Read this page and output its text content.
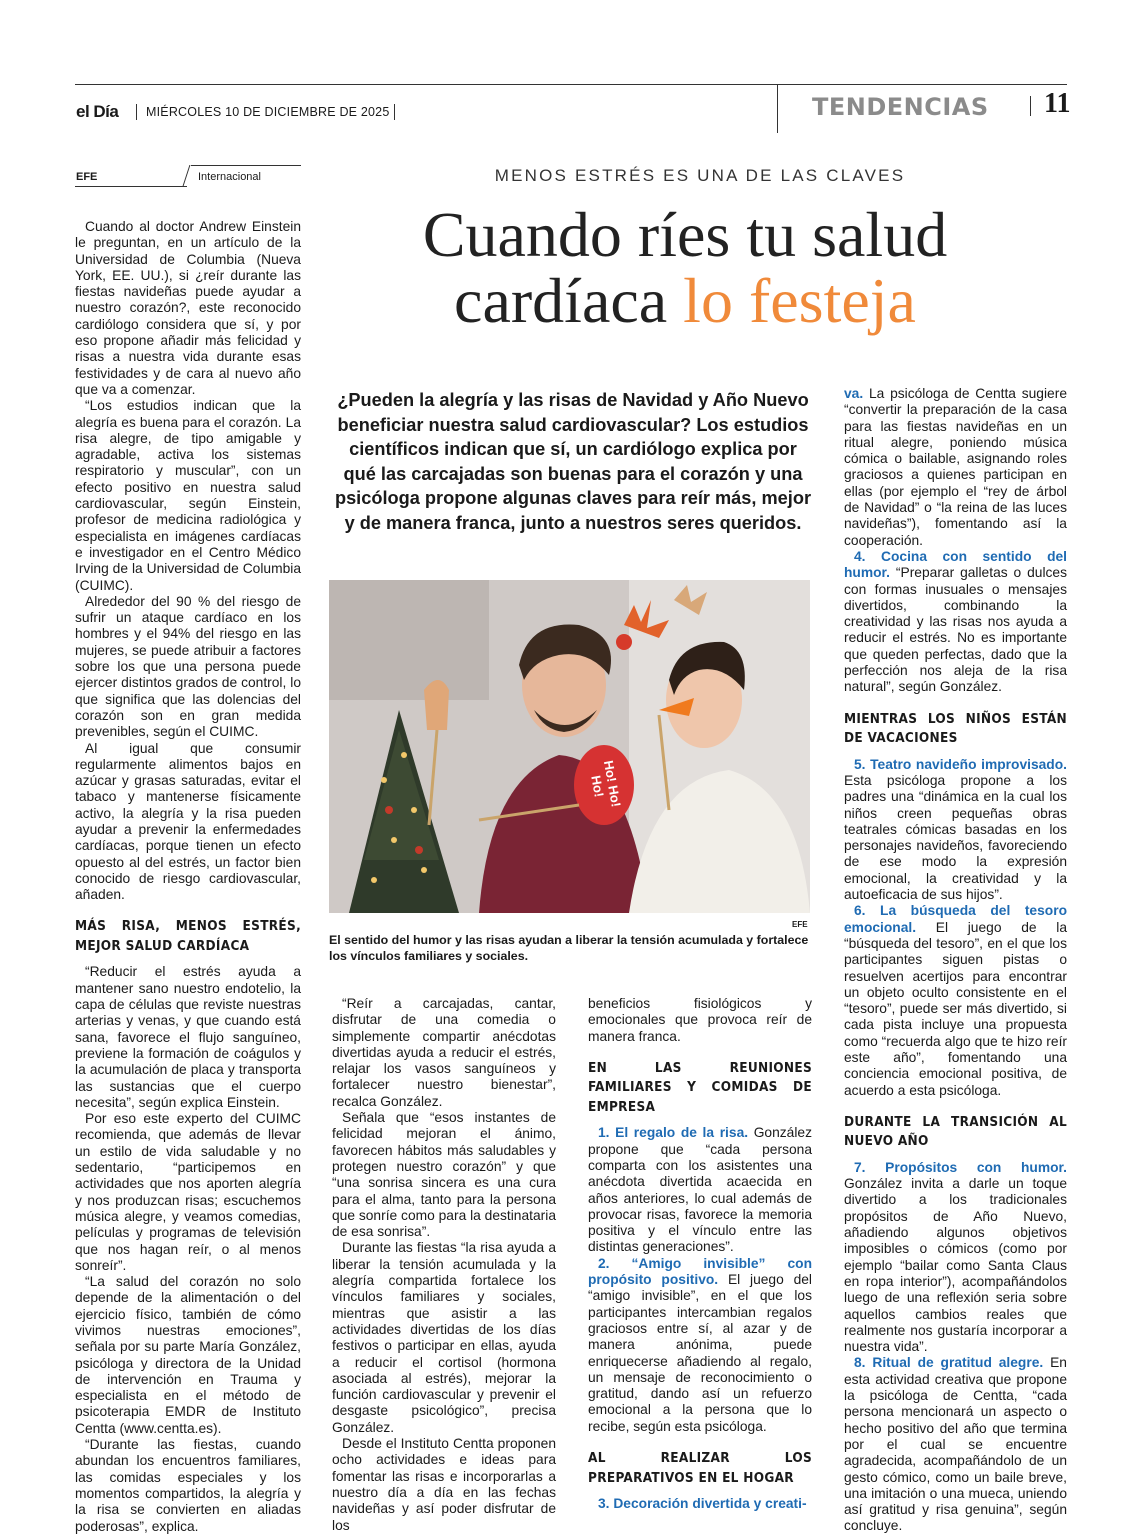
el Día MIÉRCOLES 10 DE DICIEMBRE DE 2025	TENDENCIAS 11
EFE	Internacional	MENOS ESTRÉS ES UNA DE LAS CLAVES
Cuando ríes tu salud
cardíaca lo festeja
¿Pueden la alegría y las risas de Navidad y Año Nuevo beneficiar nuestra salud cardiovascular? Los estudios científicos indican que sí, un cardiólogo explica por qué las carcajadas son buenas para el corazón y una psicóloga propone algunas claves para reír más, mejor y de manera franca, junto a nuestros seres queridos.
Ho! Ho! Ho!
EFE
El sentido del humor y las risas ayudan a liberar la tensión acumulada y fortalece los vínculos familiares y sociales.

Cuando al doctor Andrew Einstein le preguntan, en un artículo de la Universidad de Columbia (Nueva York, EE. UU.), si ¿reír durante las fiestas navideñas puede ayudar a nuestro corazón?, este reconocido cardiólogo considera que sí, y por eso propone añadir más felicidad y risas a nuestra vida durante esas festividades y de cara al nuevo año que va a comenzar.

“Los estudios indican que la alegría es buena para el corazón. La risa alegre, de tipo amigable y agradable, activa los sistemas respiratorio y muscular”, con un efecto positivo en nuestra salud cardiovascular, según Einstein, profesor de medicina radiológica y especialista en imágenes cardíacas e investigador en el Centro Médico Irving de la Universidad de Columbia (CUIMC).

Alrededor del 90 % del riesgo de sufrir un ataque cardíaco en los hombres y el 94% del riesgo en las mujeres, se puede atribuir a factores sobre los que una persona puede ejercer distintos grados de control, lo que significa que las dolencias del corazón son en gran medida prevenibles, según el CUIMC.

Al igual que consumir regularmente alimentos bajos en azúcar y grasas saturadas, evitar el tabaco y mantenerse físicamente activo, la alegría y la risa pueden ayudar a prevenir la enfermedades cardíacas, porque tienen un efecto opuesto al del estrés, un factor bien conocido de riesgo cardiovascular, añaden.

MÁS RISA, MENOS ESTRÉS, MEJOR SALUD CARDÍACA

“Reducir el estrés ayuda a mantener sano nuestro endotelio, la capa de células que reviste nuestras arterias y venas, y que cuando está sana, favorece el flujo sanguíneo, previene la formación de coágulos y la acumulación de placa y transporta las sustancias que el cuerpo necesita”, según explica Einstein.

Por eso este experto del CUIMC recomienda, que además de llevar un estilo de vida saludable y no sedentario, “participemos en actividades que nos aporten alegría y nos produzcan risas; escuchemos música alegre, y veamos comedias, películas y programas de televisión que nos hagan reír, o al menos sonreír”.

“La salud del corazón no solo depende de la alimentación o del ejercicio físico, también de cómo vivimos nuestras emociones”, señala por su parte María González, psicóloga y directora de la Unidad de intervención en Trauma y especialista en el método de psicoterapia EMDR de Instituto Centta (www.centta.es).

“Durante las fiestas, cuando abundan los encuentros familiares, las comidas especiales y los momentos compartidos, la alegría y la risa se convierten en aliadas poderosas”, explica.

“Reír a carcajadas, cantar, disfrutar de una comedia o simplemente compartir anécdotas divertidas ayuda a reducir el estrés, relajar los vasos sanguíneos y fortalecer nuestro bienestar”, recalca González.

Señala que “esos instantes de felicidad mejoran el ánimo, favorecen hábitos más saludables y protegen nuestro corazón” y que “una sonrisa sincera es una cura para el alma, tanto para la persona que sonríe como para la destinataria de esa sonrisa”.

Durante las fiestas “la risa ayuda a liberar la tensión acumulada y la alegría compartida fortalece los vínculos familiares y sociales, mientras que asistir a las actividades divertidas de los días festivos o participar en ellas, ayuda a reducir el cortisol (hormona asociada al estrés), mejorar la función cardiovascular y prevenir el desgaste psicológico”, precisa González.

Desde el Instituto Centta proponen ocho actividades e ideas para fomentar las risas e incorporarlas a nuestro día a día en las fechas navideñas y así poder disfrutar de los

beneficios fisiológicos y emocionales que provoca reír de manera franca.

EN LAS REUNIONES FAMILIARES Y COMIDAS DE EMPRESA

1. El regalo de la risa. González propone que “cada persona comparta con los asistentes una anécdota divertida acaecida en años anteriores, lo cual además de provocar risas, favorece la memoria positiva y el vínculo entre las distintas generaciones”.

2. “Amigo invisible” con propósito positivo. El juego del “amigo invisible”, en el que los participantes intercambian regalos graciosos entre sí, al azar y de manera anónima, puede enriquecerse añadiendo al regalo, un mensaje de reconocimiento o gratitud, dando así un refuerzo emocional a la persona que lo recibe, según esta psicóloga.

AL REALIZAR LOS PREPARATIVOS EN EL HOGAR

3. Decoración divertida y creati-

va. La psicóloga de Centta sugiere “convertir la preparación de la casa para las fiestas navideñas en un ritual alegre, poniendo música cómica o bailable, asignando roles graciosos a quienes participan en ellas (por ejemplo el “rey de árbol de Navidad” o “la reina de las luces navideñas”), fomentando así la cooperación.

4. Cocina con sentido del humor. “Preparar galletas o dulces con formas inusuales o mensajes divertidos, combinando la creatividad y las risas nos ayuda a reducir el estrés. No es importante que queden perfectas, dado que la perfección nos aleja de la risa natural”, según González.

MIENTRAS LOS NIÑOS ESTÁN DE VACACIONES

5. Teatro navideño improvisado. Esta psicóloga propone a los padres una “dinámica en la cual los niños creen pequeñas obras teatrales cómicas basadas en los personajes navideños, favoreciendo de ese modo la expresión emocional, la creatividad y la autoeficacia de sus hijos”.

6. La búsqueda del tesoro emocional. El juego de la “búsqueda del tesoro”, en el que los participantes siguen pistas o resuelven acertijos para encontrar un objeto oculto consistente en el “tesoro”, puede ser más divertido, si cada pista incluye una propuesta como “recuerda algo que te hizo reír este año”, fomentando una conciencia emocional positiva, de acuerdo a esta psicóloga.

DURANTE LA TRANSICIÓN AL NUEVO AÑO

7. Propósitos con humor. González invita a darle un toque divertido a los tradicionales propósitos de Año Nuevo, añadiendo algunos objetivos imposibles o cómicos (como por ejemplo “bailar como Santa Claus en ropa interior”), acompañándolos luego de una reflexión seria sobre aquellos cambios reales que realmente nos gustaría incorporar a nuestra vida”.

8. Ritual de gratitud alegre. En esta actividad creativa que propone la psicóloga de Centta, “cada persona mencionará un aspecto o hecho positivo del año que termina por el cual se encuentre agradecida, acompañándolo de un gesto cómico, como un baile breve, una imitación o una mueca, uniendo así gratitud y risa genuina”, según concluye.
